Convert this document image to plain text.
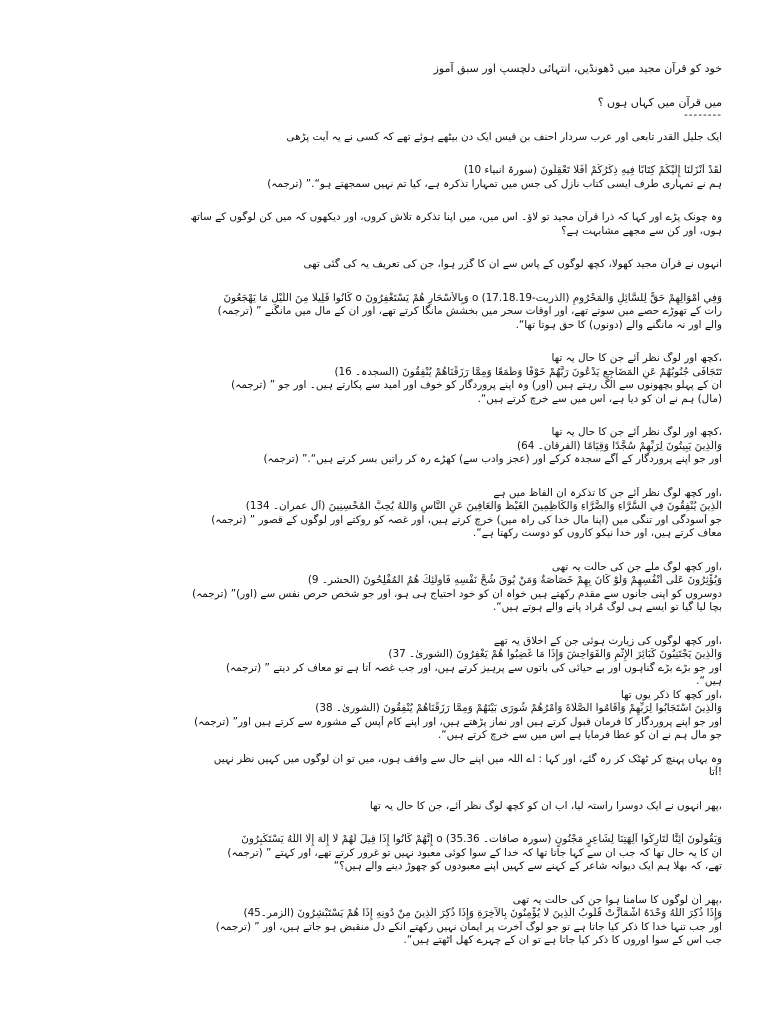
خود کو قرآن مجید میں ڈھونڈیں، انتہائی دلچسپ اور سبق آموز
میں قرآن میں کہاں ہوں ؟
--------
ایک جلیل القدر تابعی اور عرب سردار احنف بن قیس ایک دن بیٹھے ہوئے تھے کہ کسی نے یہ آیت پڑھی
لَقَدْ أَنْزَلْنَا إِلَيْكُمْ كِتَابًا فِيهِ ذِكْرُكُمْ أَفَلَا تَعْقِلُونَ (سورۃ انبیاء 10)
ہم نے تمہاری طرف ایسی کتاب نازل کی جس میں تمہارا تذکرہ ہے، کیا تم نہیں سمجھتے ہو“.” (ترجمہ)
وہ چونک پڑے اور کہا کہ ذرا قرآن مجید تو لاؤ۔ اس میں، میں اپنا تذکرہ تلاش کروں، اور دیکھوں کہ میں کن لوگوں کے ساتھ
ہوں، اور کن سے مجھے مشابہت ہے؟
انہوں نے قرآن مجید کھولا، کچھ لوگوں کے پاس سے ان کا گزر ہوا، جن کی تعریف یہ کی گئی تھی
وَفِي أَمْوَالِهِمْ حَقٌّ لِلسَّائِلِ وَالْمَحْرُومِ (الذریت-17.18.19) o وَبِالْأَسْحَارِ هُمْ يَسْتَغْفِرُونَ o كَانُوا قَلِيلًا مِنَ اللَّيْلِ مَا يَهْجَعُونَ
رات کے تھوڑے حصے میں سوتے تھے، اور اوقات سحر میں بخشش مانگا کرتے تھے، اور ان کے مال میں مانگنے ” (ترجمہ)
والے اور نہ مانگنے والے (دونوں) کا حق ہوتا تھا“.
،کچھ اور لوگ نظر آئے جن کا حال یہ تھا
تَتَجَافَى جُنُوبُهُمْ عَنِ الْمَضَاجِعِ يَدْعُونَ رَبَّهُمْ خَوْفًا وَطَمَعًا وَمِمَّا رَزَقْنَاهُمْ يُنْفِقُونَ (السجدہ۔ 16)
ان کے پہلو بچھونوں سے الگ رہتے ہیں (اور) وہ اپنے پروردگار کو خوف اور امید سے پکارتے ہیں۔ اور جو ” (ترجمہ)
(مال) ہم نے ان کو دیا ہے، اس میں سے خرچ کرتے ہیں“.
،کچھ اور لوگ نظر آئے جن کا حال یہ تھا
وَالَّذِينَ يَبِيتُونَ لِرَبِّهِمْ سُجَّدًا وَقِيَامًا (الفرقان۔ 64)
اور جو اپنے پروردگار کے آگے سجدہ کرکے اور (عجز وادب سے) کھڑے رہ کر راتیں بسر کرتے ہیں“.” (ترجمہ)
،اور کچھ لوگ نظر آئے جن کا تذکرہ ان الفاظ میں ہے
الَّذِينَ يُنْفِقُونَ فِي السَّرَّاءِ وَالضَّرَّاءِ وَالْكَاظِمِينَ الْغَيْظَ وَالْعَافِينَ عَنِ النَّاسِ وَاللَّهُ يُحِبُّ الْمُحْسِنِينَ (آل عمران۔ 134)
جو آسودگی اور تنگی میں (اپنا مال خدا کی راہ میں) خرچ کرتے ہیں، اور غصہ کو روکتے اور لوگوں کے قصور ” (ترجمہ)
معاف کرتے ہیں، اور خدا نیکو کاروں کو دوست رکھتا ہے“.
،اور کچھ لوگ ملے جن کی حالت یہ تھی
وَيُؤْثِرُونَ عَلَى أَنْفُسِهِمْ وَلَوْ كَانَ بِهِمْ خَصَاصَةٌ وَمَنْ يُوقَ شُحَّ نَفْسِهِ فَأُولَئِكَ هُمُ الْمُفْلِحُونَ (الحشر۔ 9)
دوسروں کو اپنی جانوں سے مقدم رکھتے ہیں خواہ ان کو خود احتیاج ہی ہو، اور جو شخص حرص نفس سے (اور)” (ترجمہ)
بچا لیا گیا تو ایسے ہی لوگ مُراد پانے والے ہوتے ہیں“.
،اور کچھ لوگوں کی زیارت ہوئی جن کے اخلاق یہ تھے
وَالَّذِينَ يَجْتَنِبُونَ كَبَائِرَ الْإِثْمِ وَالْفَوَاحِشَ وَإِذَا مَا غَضِبُوا هُمْ يَغْفِرُونَ (الشوریٰ۔ 37)
اور جو بڑے بڑے گناہوں اور بے حیائی کی باتوں سے پرہیز کرتے ہیں، اور جب غصہ آتا ہے تو معاف کر دیتے ” (ترجمہ)
ہیں“.
،اور کچھ کا ذکر یوں تھا
وَالَّذِينَ اسْتَجَابُوا لِرَبِّهِمْ وَأَقَامُوا الصَّلَاةَ وَأَمْرُهُمْ شُورَى بَيْنَهُمْ وَمِمَّا رَزَقْنَاهُمْ يُنْفِقُونَ (الشوریٰ۔ 38)
اور جو اپنے پروردگار کا فرمان قبول کرتے ہیں اور نماز پڑھتے ہیں، اور اپنے کام آپس کے مشورہ سے کرتے ہیں اور” (ترجمہ)
جو مال ہم نے ان کو عطا فرمایا ہے اس میں سے خرچ کرتے ہیں“.
وہ یہاں پہنچ کر ٹھٹک کر رہ گئے، اور کہا : اے اللہ میں اپنے حال سے واقف ہوں، میں تو ان لوگوں میں کہیں نظر نہیں
!آتا
،پھر انہوں نے ایک دوسرا راستہ لیا، اب ان کو کچھ لوگ نظر آئے، جن کا حال یہ تھا
وَيَقُولُونَ أَئِنَّا لَتَارِكُوا آلِهَتِنَا لِشَاعِرٍ مَجْنُونٍ (سورہ صافات۔ 35.36) o إِنَّهُمْ كَانُوا إِذَا قِيلَ لَهُمْ لَا إِلَهَ إِلَّا اللَّهُ يَسْتَكْبِرُونَ
ان کا یہ حال تھا کہ جب ان سے کہا جاتا تھا کہ خدا کے سوا کوئی معبود نہیں تو غرور کرتے تھے، اور کہتے ” (ترجمہ)
تھے، کہ بھلا ہم ایک دیوانہ شاعر کے کہنے سے کہیں اپنے معبودوں کو چھوڑ دینے والے ہیں؟“
،پھر اُن لوگوں کا سامنا ہوا جن کی حالت یہ تھی
وَإِذَا ذُكِرَ اللَّهُ وَحْدَهُ اشْمَأَزَّتْ قُلُوبُ الَّذِينَ لَا يُؤْمِنُونَ بِالْآخِرَةِ وَإِذَا ذُكِرَ الَّذِينَ مِنْ دُونِهِ إِذَا هُمْ يَسْتَبْشِرُونَ (الزمر۔45)
اور جب تنہا خدا کا ذکر کیا جاتا ہے تو جو لوگ آخرت پر ایمان نہیں رکھتے انکے دل منقبض ہو جاتے ہیں، اور ” (ترجمہ)
جب اس کے سوا اوروں کا ذکر کیا جاتا ہے تو ان کے چہرے کھل اٹھتے ہیں“.
